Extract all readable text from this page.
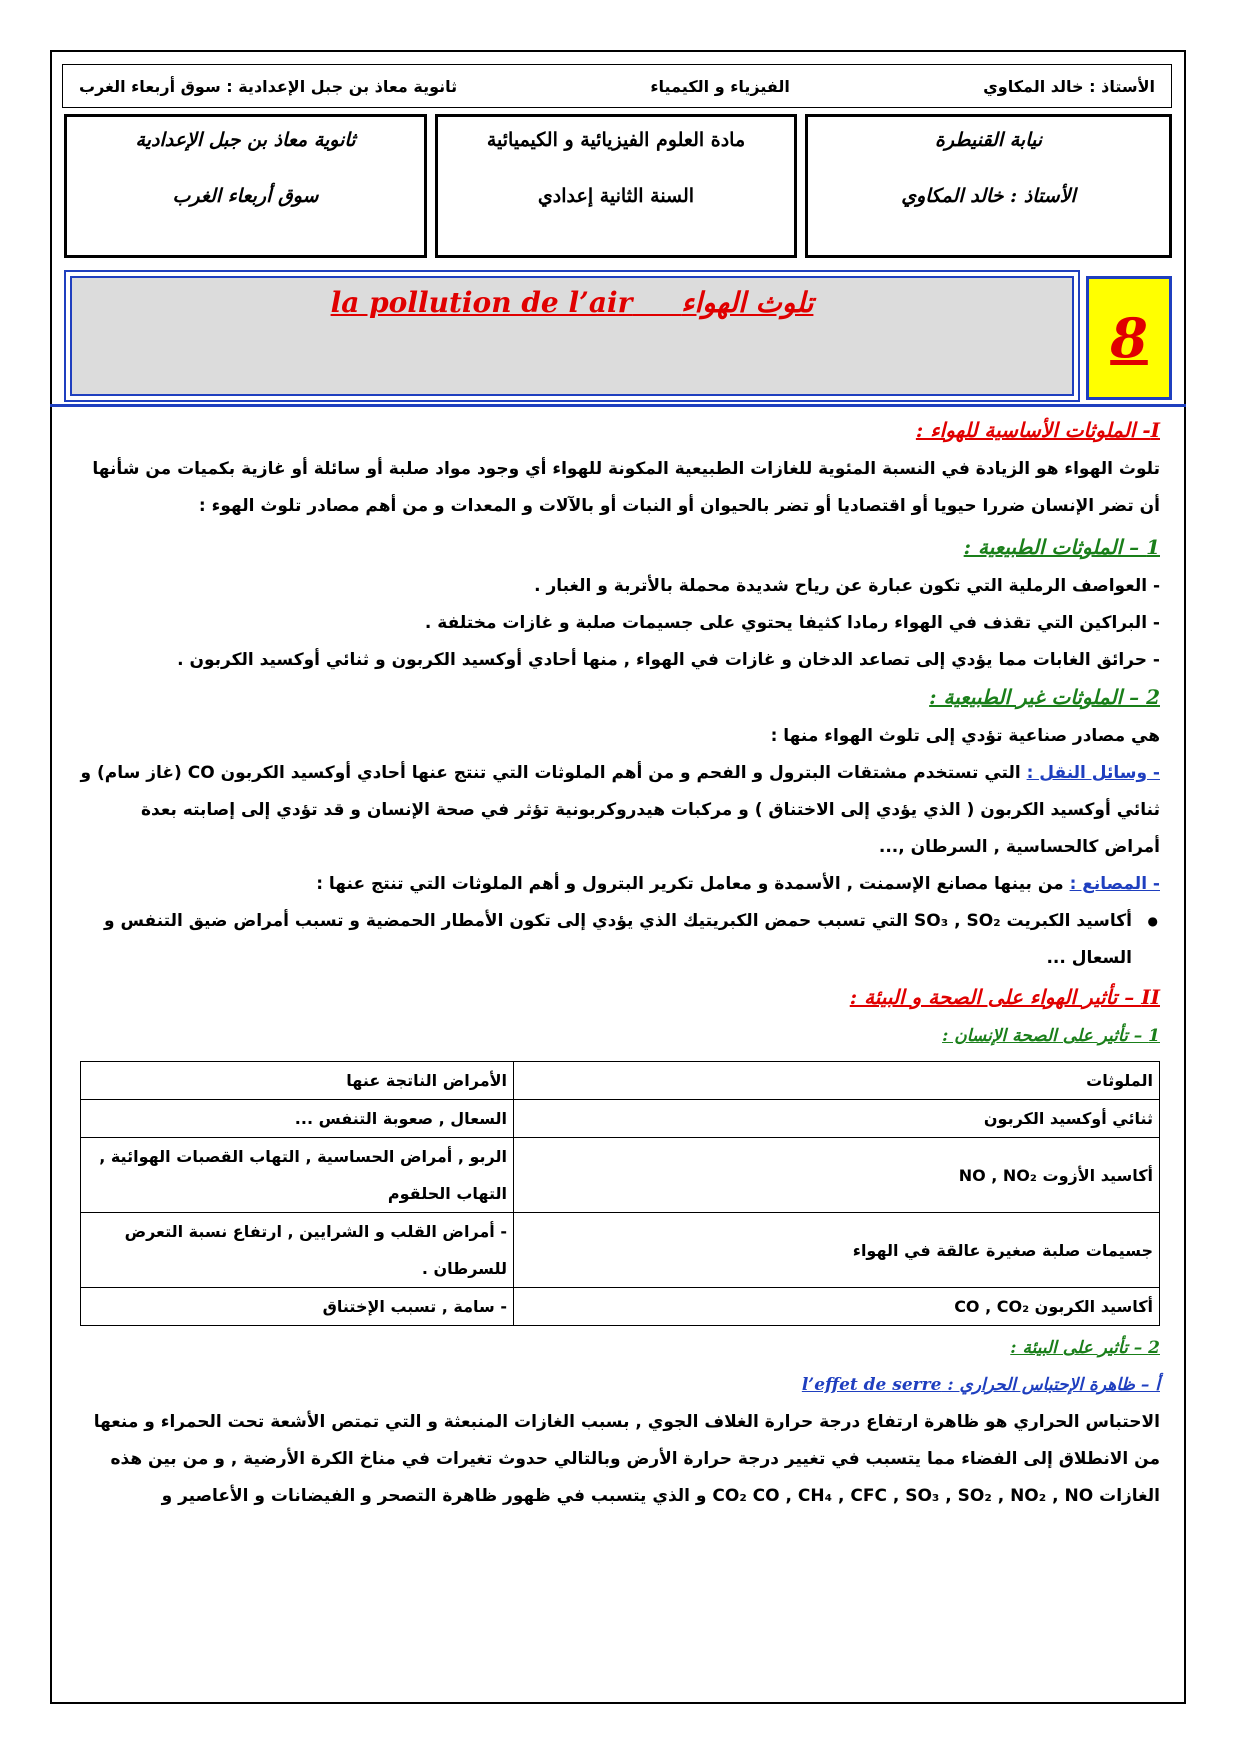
الأستاذ : خالد المكاوي
الفيزياء و الكيمياء
ثانوية معاذ بن جبل الإعدادية : سوق أربعاء الغرب
نيابة القنيطرة
الأستاذ : خالد المكاوي
مادة العلوم الفيزيائية و الكيميائية
السنة الثانية إعدادي
ثانوية معاذ بن جبل الإعدادية
سوق أربعاء الغرب
la pollution de l’air تلوث الهواء
8

I- الملوثات الأساسية للهواء :

تلوث الهواء هو الزيادة في النسبة المئوية للغازات الطبيعية المكونة للهواء أي وجود مواد صلبة أو سائلة أو غازية بكميات من شأنها أن تضر الإنسان ضررا حيويا أو اقتصاديا أو تضر بالحيوان أو النبات أو بالآلات و المعدات و من أهم مصادر تلوث الهوء :

1 – الملوثات الطبيعية :

- العواصف الرملية التي تكون عبارة عن رياح شديدة محملة بالأتربة و الغبار .

- البراكين التي تقذف في الهواء رمادا كثيفا يحتوي على جسيمات صلبة و غازات مختلفة .

- حرائق الغابات مما يؤدي إلى تصاعد الدخان و غازات في الهواء , منها أحادي أوكسيد الكربون و ثنائي أوكسيد الكربون .

2 – الملوثات غير الطبيعية :

هي مصادر صناعية تؤدي إلى تلوث الهواء منها :

- وسائل النقل : التي تستخدم مشتقات البترول و الفحم و من أهم الملوثات التي تنتج عنها أحادي أوكسيد الكربون CO (غاز سام) و ثنائي أوكسيد الكربون ( الذي يؤدي إلى الاختناق ) و مركبات هيدروكربونية تؤثر في صحة الإنسان و قد تؤدي إلى إصابته بعدة أمراض كالحساسية , السرطان ,...

- المصانع : من بينها مصانع الإسمنت , الأسمدة و معامل تكرير البترول و أهم الملوثات التي تنتج عنها :

● أكاسيد الكبريت SO₃ , SO₂ التي تسبب حمض الكبريتيك الذي يؤدي إلى تكون الأمطار الحمضية و تسبب أمراض ضيق التنفس و السعال ...

II – تأثير الهواء على الصحة و البيئة :

1 – تأثير على الصحة الإنسان :

الملوثات	الأمراض الناتجة عنها
ثنائي أوكسيد الكربون	السعال , صعوبة التنفس ...
أكاسيد الأزوت NO , NO₂	الربو , أمراض الحساسية , التهاب القصبات الهوائية , التهاب الحلقوم
جسيمات صلبة صغيرة عالقة في الهواء	- أمراض القلب و الشرايين , ارتفاع نسبة التعرض للسرطان .
أكاسيد الكربون CO , CO₂	- سامة , تسبب الإختناق

2 – تأثير على البيئة :

أ – ظاهرة الإحتباس الحراري : l’effet de serre

الاحتباس الحراري هو ظاهرة ارتفاع درجة حرارة الغلاف الجوي , بسبب الغازات المنبعثة و التي تمتص الأشعة تحت الحمراء و منعها من الانطلاق إلى الفضاء مما يتسبب في تغيير درجة حرارة الأرض وبالتالي حدوث تغيرات في مناخ الكرة الأرضية , و من بين هذه الغازات CO₂ CO , CH₄ , CFC , SO₃ , SO₂ , NO₂ , NO و الذي يتسبب في ظهور ظاهرة التصحر و الفيضانات و الأعاصير و
